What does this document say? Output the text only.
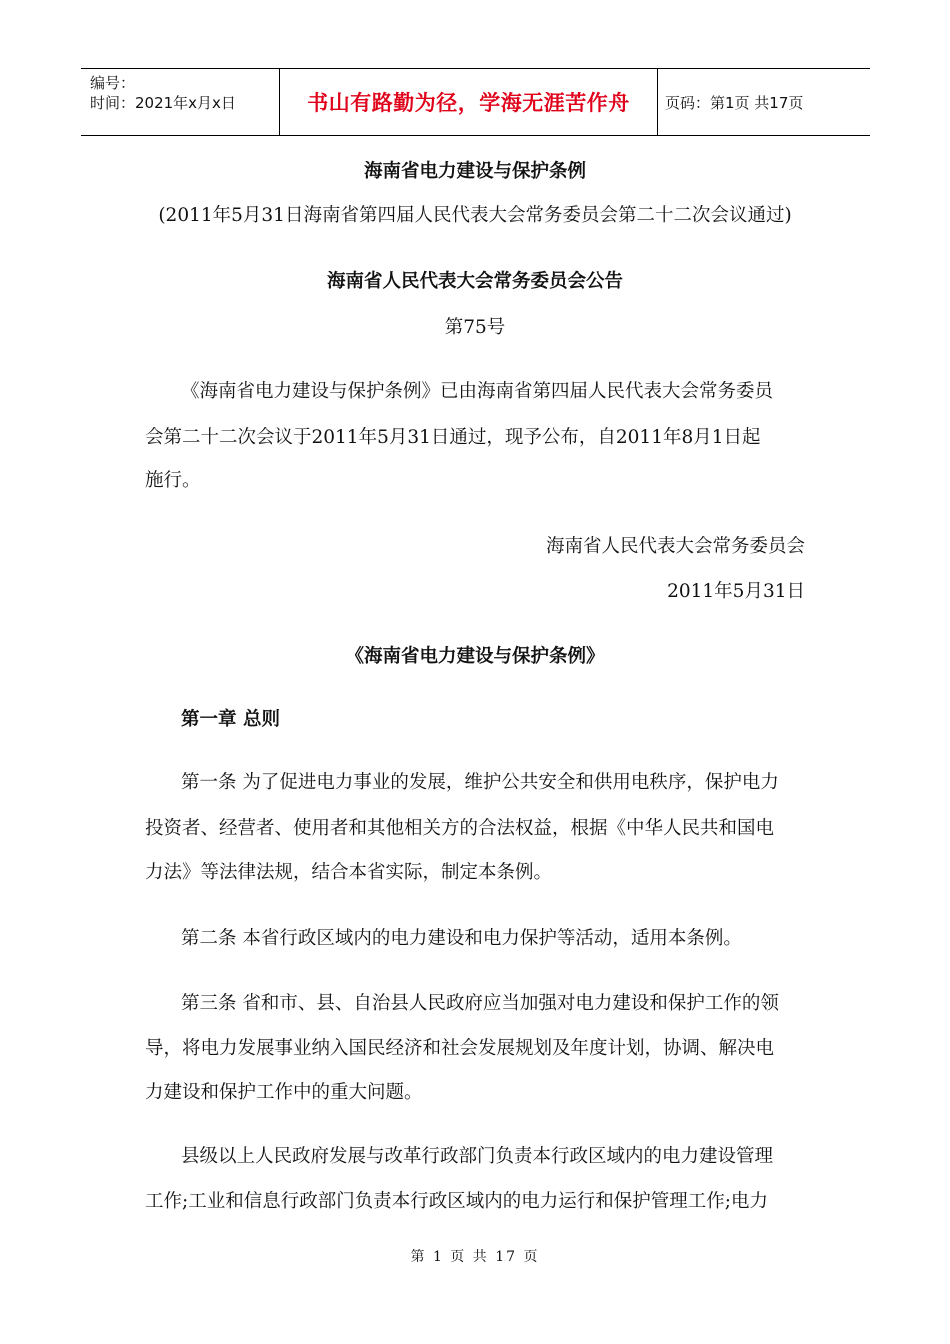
编号：
时间：2021年x月x日	书山有路勤为径，学海无涯苦作舟 页码：第1页 共17页
海南省电力建设与保护条例
(2011年5月31日海南省第四届人民代表大会常务委员会第二十二次会议通过)
海南省人民代表大会常务委员会公告
第75号
《海南省电力建设与保护条例》已由海南省第四届人民代表大会常务委员
会第二十二次会议于2011年5月31日通过，现予公布，自2011年8月1日起
施行。
海南省人民代表大会常务委员会
2011年5月31日
《海南省电力建设与保护条例》
第一章 总则
第一条 为了促进电力事业的发展，维护公共安全和供用电秩序，保护电力
投资者、经营者、使用者和其他相关方的合法权益，根据《中华人民共和国电
力法》等法律法规，结合本省实际，制定本条例。
第二条 本省行政区域内的电力建设和电力保护等活动，适用本条例。
第三条 省和市、县、自治县人民政府应当加强对电力建设和保护工作的领
导，将电力发展事业纳入国民经济和社会发展规划及年度计划，协调、解决电
力建设和保护工作中的重大问题。
县级以上人民政府发展与改革行政部门负责本行政区域内的电力建设管理
工作;工业和信息行政部门负责本行政区域内的电力运行和保护管理工作;电力
第 1 页 共 17 页
